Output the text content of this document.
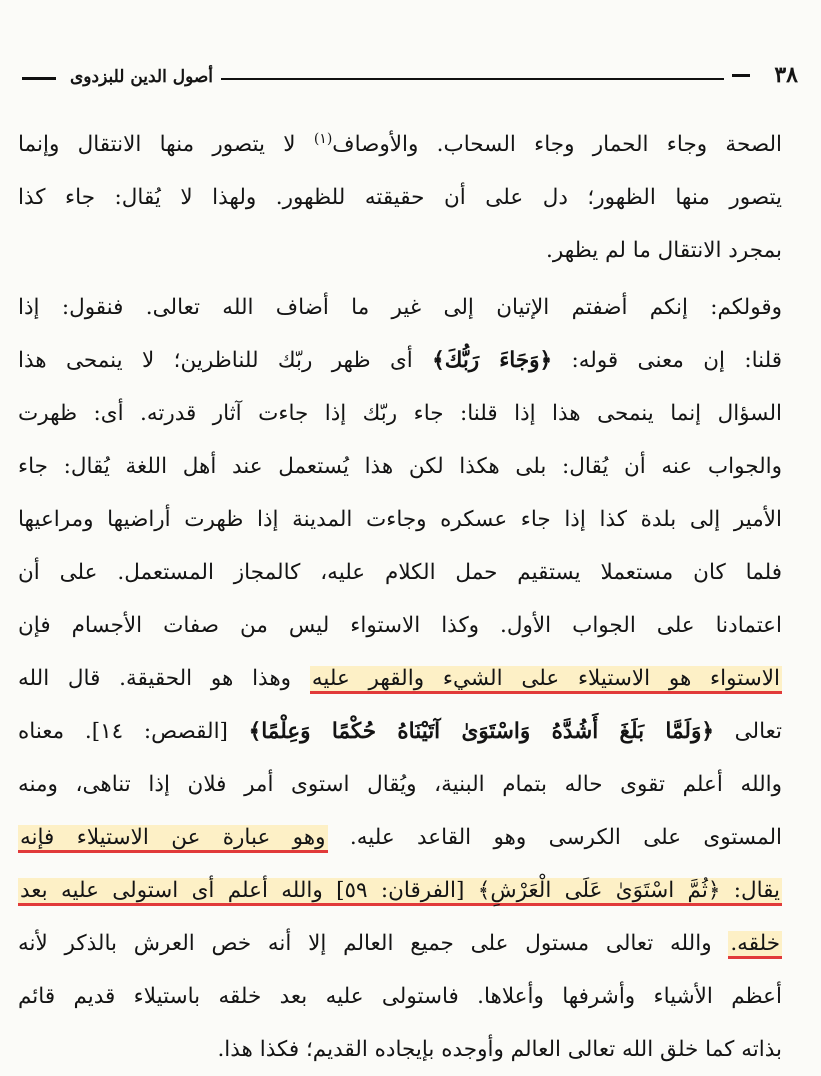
٣٨
أصول الدين للبزدوى
الصحة وجاء الحمار وجاء السحاب. والأوصاف$^{(١)}$ لا يتصور منها الانتقال وإنما
يتصور منها الظهور؛ دل على أن حقيقته للظهور. ولهذا لا يُقال: جاء كذا
بمجرد الانتقال ما لم يظهر.
وقولكم: إنكم أضفتم الإتيان إلى غير ما أضاف الله تعالى. فنقول: إذا
قلنا: إن معنى قوله: ﴿وَجَاءَ رَبُّكَ﴾ أى ظهر ربّك للناظرين؛ لا ينمحى هذا
السؤال إنما ينمحى هذا إذا قلنا: جاء ربّك إذا جاءت آثار قدرته. أى: ظهرت
والجواب عنه أن يُقال: بلى هكذا لكن هذا يُستعمل عند أهل اللغة يُقال: جاء
الأمير إلى بلدة كذا إذا جاء عسكره وجاءت المدينة إذا ظهرت أراضيها ومراعيها
فلما كان مستعملا يستقيم حمل الكلام عليه، كالمجاز المستعمل. على أن
اعتمادنا على الجواب الأول. وكذا الاستواء ليس من صفات الأجسام فإن
الاستواء هو الاستيلاء على الشيء والقهر عليه وهذا هو الحقيقة. قال الله
تعالى ﴿وَلَمَّا بَلَغَ أَشُدَّهُ وَاسْتَوَىٰ آتَيْنَاهُ حُكْمًا وَعِلْمًا﴾ [القصص: ١٤]. معناه
والله أعلم تقوى حاله بتمام البنية، ويُقال استوى أمر فلان إذا تناهى، ومنه
المستوى على الكرسى وهو القاعد عليه. وهو عبارة عن الاستيلاء فإنه
يقال: ﴿ثُمَّ اسْتَوَىٰ عَلَى الْعَرْشِ﴾ [الفرقان: ٥٩] والله أعلم أى استولى عليه بعد
خلقه. والله تعالى مستول على جميع العالم إلا أنه خص العرش بالذكر لأنه
أعظم الأشياء وأشرفها وأعلاها. فاستولى عليه بعد خلقه باستيلاء قديم قائم
بذاته كما خلق الله تعالى العالم وأوجده بإيجاده القديم؛ فكذا هذا.
